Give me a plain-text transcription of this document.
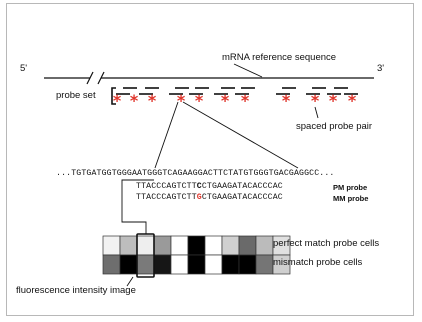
* * * * * * * * * * *
5'	3'
mRNA reference sequence
probe set
spaced probe pair
...TGTGATGGTGGGAATGGGTCAGAAGGACTTCTATGTGGGTGACGAGGCC...
TTACCCAGTCTTCCTGAAGATACACCCAC
TTACCCAGTCTTGCTGAAGATACACCCAC
PM probe
MM probe
perfect match probe cells
mismatch probe cells
fluorescence intensity image
